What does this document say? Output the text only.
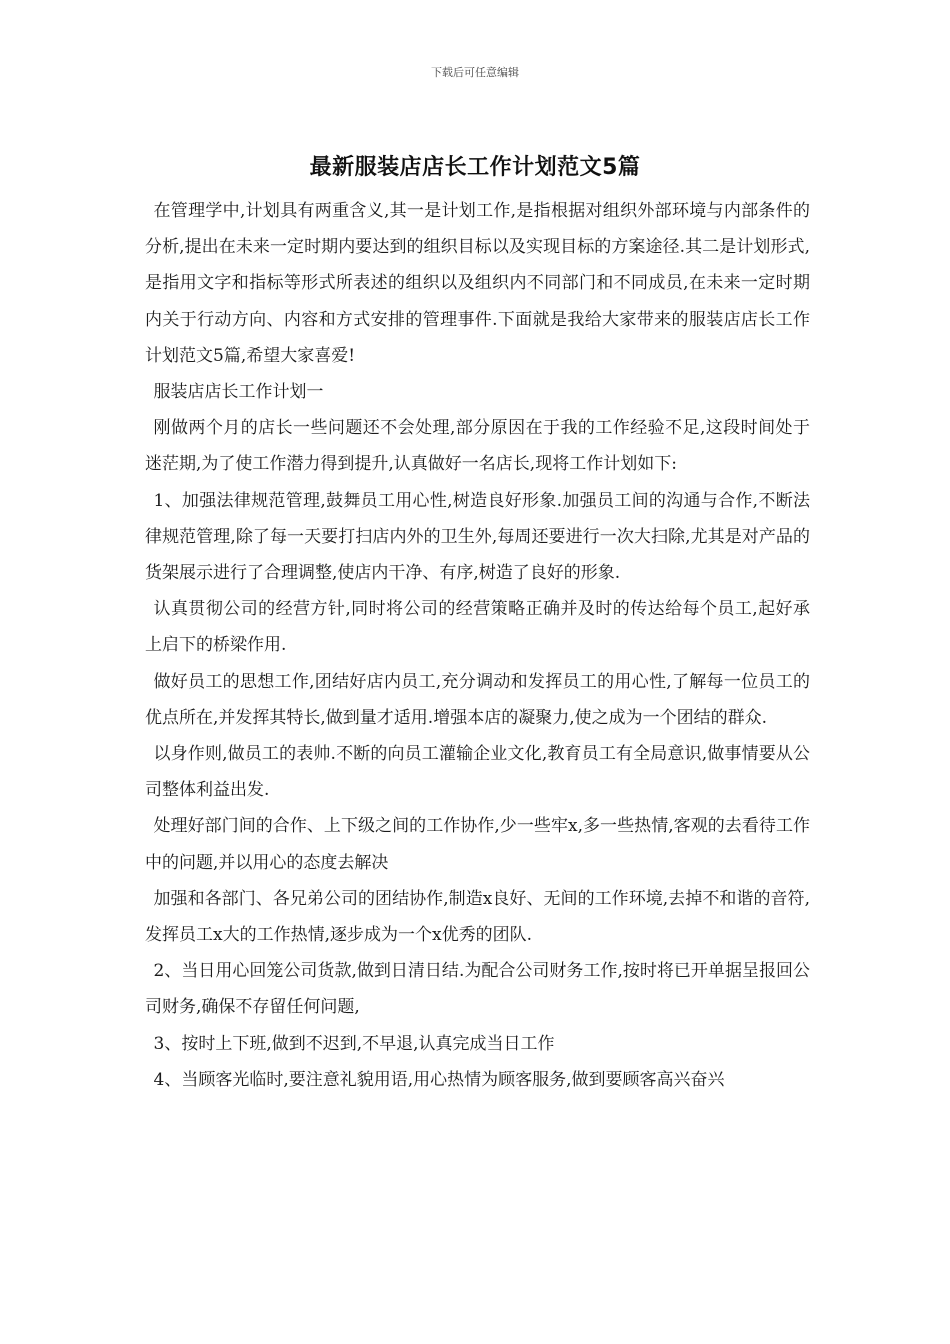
下载后可任意编辑
最新服装店店长工作计划范文5篇

在管理学中,计划具有两重含义,其一是计划工作,是指根据对组织外部环境与内部条件的分析,提出在未来一定时期内要达到的组织目标以及实现目标的方案途径.其二是计划形式,是指用文字和指标等形式所表述的组织以及组织内不同部门和不同成员,在未来一定时期内关于行动方向、内容和方式安排的管理事件.下面就是我给大家带来的服装店店长工作计划范文5篇,希望大家喜爱!

服装店店长工作计划一

刚做两个月的店长一些问题还不会处理,部分原因在于我的工作经验不足,这段时间处于迷茫期,为了使工作潜力得到提升,认真做好一名店长,现将工作计划如下:

1、加强法律规范管理,鼓舞员工用心性,树造良好形象.加强员工间的沟通与合作,不断法律规范管理,除了每一天要打扫店内外的卫生外,每周还要进行一次大扫除,尤其是对产品的货架展示进行了合理调整,使店内干净、有序,树造了良好的形象.

认真贯彻公司的经营方针,同时将公司的经营策略正确并及时的传达给每个员工,起好承上启下的桥梁作用.

做好员工的思想工作,团结好店内员工,充分调动和发挥员工的用心性,了解每一位员工的优点所在,并发挥其特长,做到量才适用.增强本店的凝聚力,使之成为一个团结的群众.

以身作则,做员工的表帅.不断的向员工灌输企业文化,教育员工有全局意识,做事情要从公司整体利益出发.

处理好部门间的合作、上下级之间的工作协作,少一些牢x,多一些热情,客观的去看待工作中的问题,并以用心的态度去解决

加强和各部门、各兄弟公司的团结协作,制造x良好、无间的工作环境,去掉不和谐的音符,发挥员工x大的工作热情,逐步成为一个x优秀的团队.

2、当日用心回笼公司货款,做到日清日结.为配合公司财务工作,按时将已开单据呈报回公司财务,确保不存留任何问题,

3、按时上下班,做到不迟到,不早退,认真完成当日工作

4、当顾客光临时,要注意礼貌用语,用心热情为顾客服务,做到要顾客高兴奋兴
